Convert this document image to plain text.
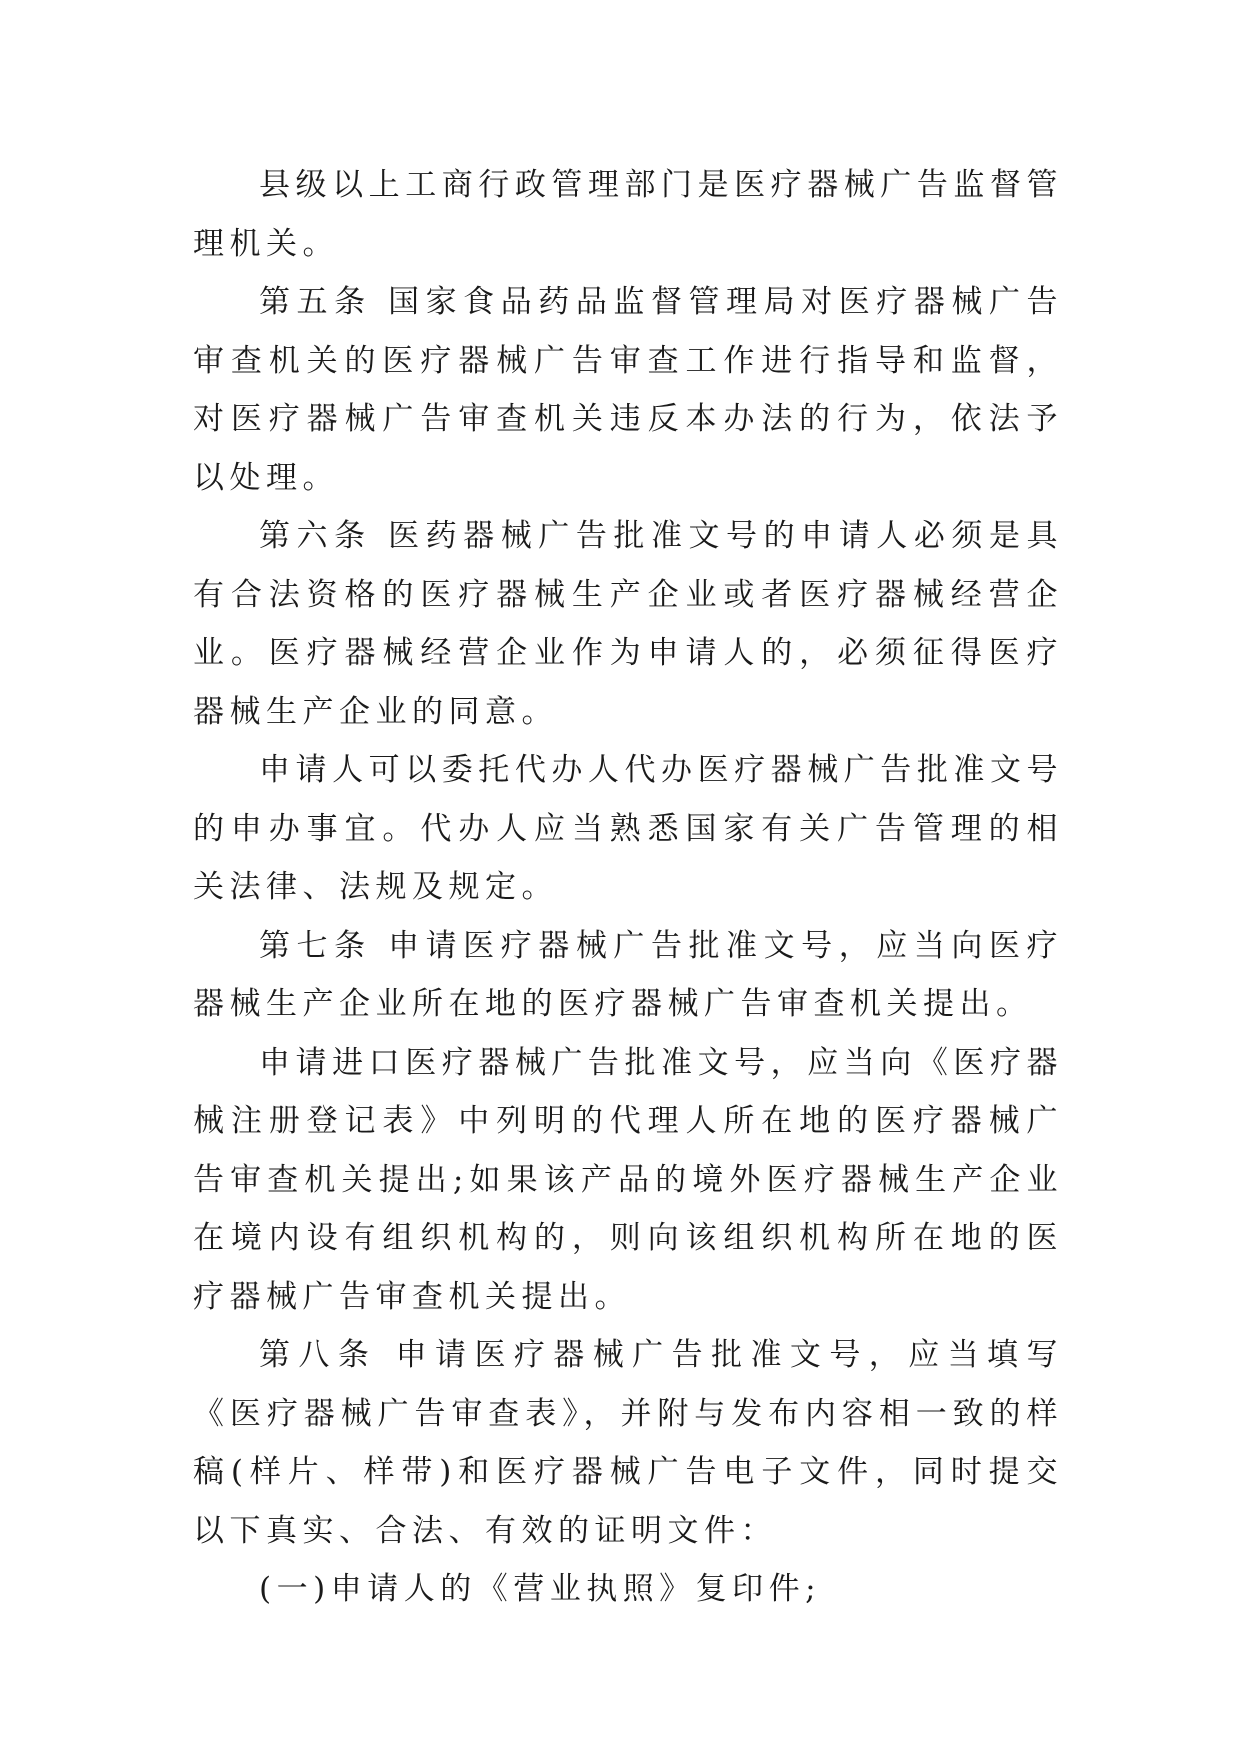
县级以上工商行政管理部门是医疗器械广告监督管理机关。

第五条 国家食品药品监督管理局对医疗器械广告审查机关的医疗器械广告审查工作进行指导和监督，对医疗器械广告审查机关违反本办法的行为，依法予以处理。

第六条 医药器械广告批准文号的申请人必须是具有合法资格的医疗器械生产企业或者医疗器械经营企业。医疗器械经营企业作为申请人的，必须征得医疗器械生产企业的同意。

申请人可以委托代办人代办医疗器械广告批准文号的申办事宜。代办人应当熟悉国家有关广告管理的相关法律、法规及规定。

第七条 申请医疗器械广告批准文号，应当向医疗器械生产企业所在地的医疗器械广告审查机关提出。

申请进口医疗器械广告批准文号，应当向《医疗器械注册登记表》中列明的代理人所在地的医疗器械广告审查机关提出;如果该产品的境外医疗器械生产企业在境内设有组织机构的，则向该组织机构所在地的医疗器械广告审查机关提出。

第八条 申请医疗器械广告批准文号，应当填写《医疗器械广告审查表》，并附与发布内容相一致的样稿(样片、样带)和医疗器械广告电子文件，同时提交以下真实、合法、有效的证明文件：

(一)申请人的《营业执照》复印件;
